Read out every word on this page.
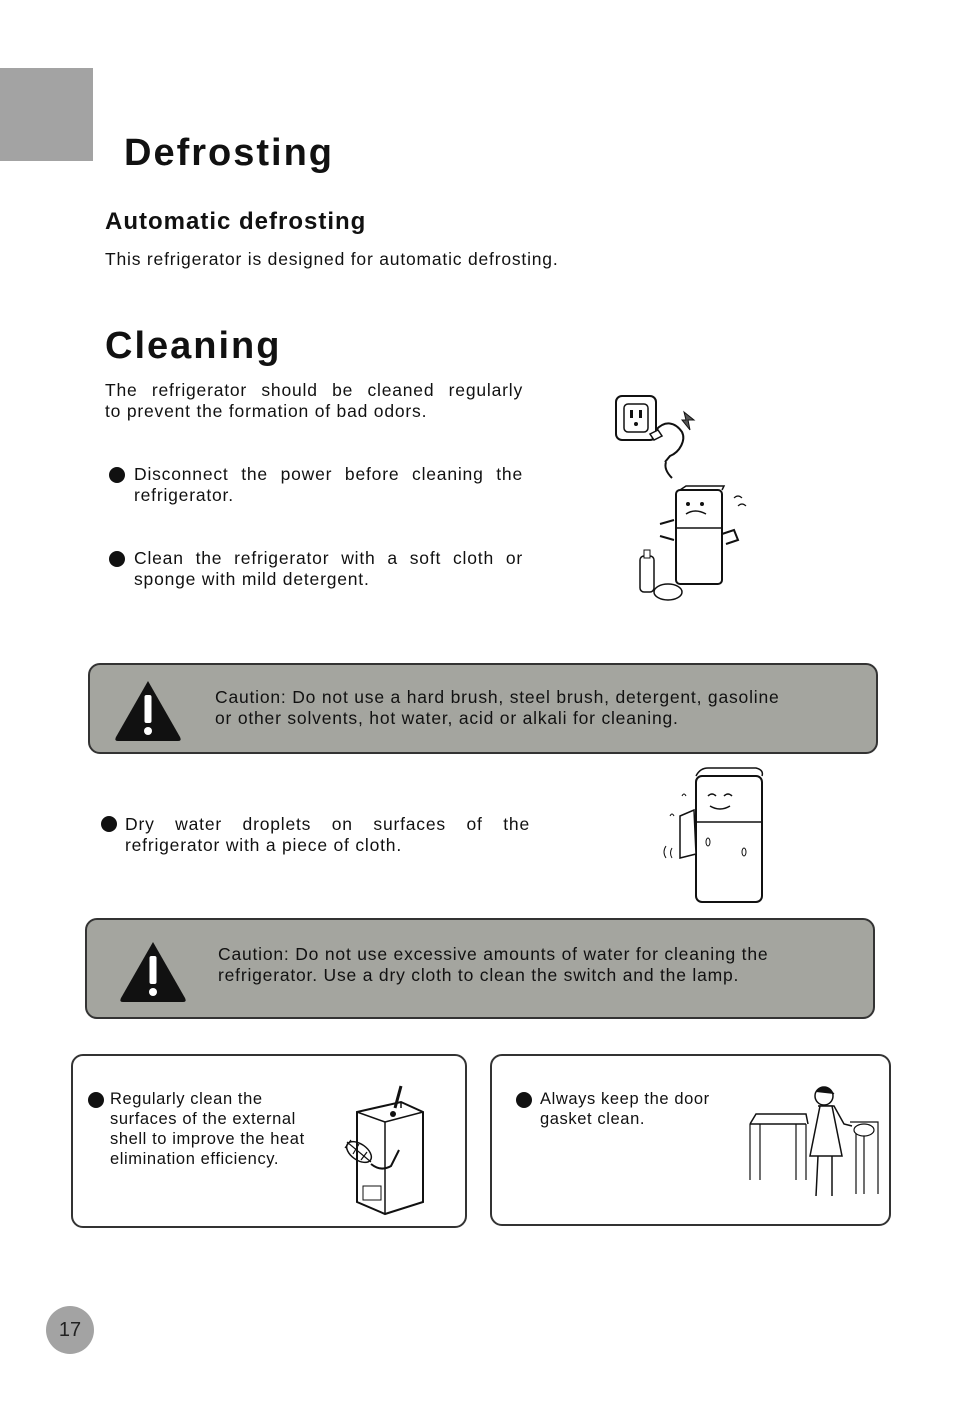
Defrosting
Automatic defrosting
This refrigerator is designed for automatic defrosting.
Cleaning
The refrigerator should be cleaned regularly
to prevent the formation of bad odors.
Disconnect the power before cleaning the
refrigerator.
Clean the refrigerator with a soft cloth or
sponge with mild detergent.
Caution: Do not use a hard brush, steel brush, detergent, gasoline
or other solvents, hot water, acid or alkali for cleaning.
Dry water droplets on surfaces of the
refrigerator with a piece of cloth.
Caution: Do not use excessive amounts of water for cleaning the
refrigerator. Use a dry cloth to clean the switch and the lamp.
Regularly clean the
surfaces of the external
shell to improve the heat
elimination efficiency.
Always keep the door
gasket clean.
17
